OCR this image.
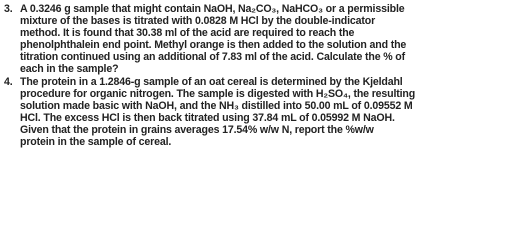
3. A 0.3246 g sample that might contain NaOH, Na₂CO₃, NaHCO₃ or a permissible
mixture of the bases is titrated with 0.0828 M HCl by the double-indicator
method. It is found that 30.38 ml of the acid are required to reach the
phenolphthalein end point. Methyl orange is then added to the solution and the
titration continued using an additional of 7.83 ml of the acid. Calculate the % of
each in the sample?
4. The protein in a 1.2846-g sample of an oat cereal is determined by the Kjeldahl
procedure for organic nitrogen. The sample is digested with H₂SO₄, the resulting
solution made basic with NaOH, and the NH₃ distilled into 50.00 mL of 0.09552 M
HCl. The excess HCl is then back titrated using 37.84 mL of 0.05992 M NaOH.
Given that the protein in grains averages 17.54% w/w N, report the %w/w
protein in the sample of cereal.
